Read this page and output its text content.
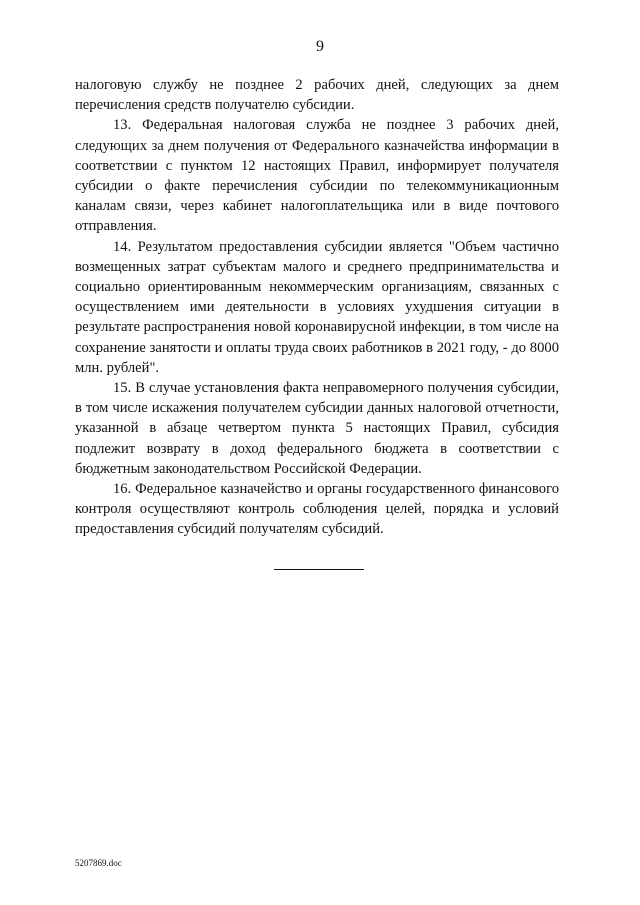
9

налоговую службу не позднее 2 рабочих дней, следующих за днем перечисления средств получателю субсидии.

13. Федеральная налоговая служба не позднее 3 рабочих дней, следующих за днем получения от Федерального казначейства информации в соответствии с пунктом 12 настоящих Правил, информирует получателя субсидии о факте перечисления субсидии по телекоммуникационным каналам связи, через кабинет налогоплательщика или в виде почтового отправления.

14. Результатом предоставления субсидии является "Объем частично возмещенных затрат субъектам малого и среднего предпринимательства и социально ориентированным некоммерческим организациям, связанных с осуществлением ими деятельности в условиях ухудшения ситуации в результате распространения новой коронавирусной инфекции, в том числе на сохранение занятости и оплаты труда своих работников в 2021 году, - до 8000 млн. рублей".

15. В случае установления факта неправомерного получения субсидии, в том числе искажения получателем субсидии данных налоговой отчетности, указанной в абзаце четвертом пункта 5 настоящих Правил, субсидия подлежит возврату в доход федерального бюджета в соответствии с бюджетным законодательством Российской Федерации.

16. Федеральное казначейство и органы государственного финансового контроля осуществляют контроль соблюдения целей, порядка и условий предоставления субсидий получателям субсидий.

5207869.doc
